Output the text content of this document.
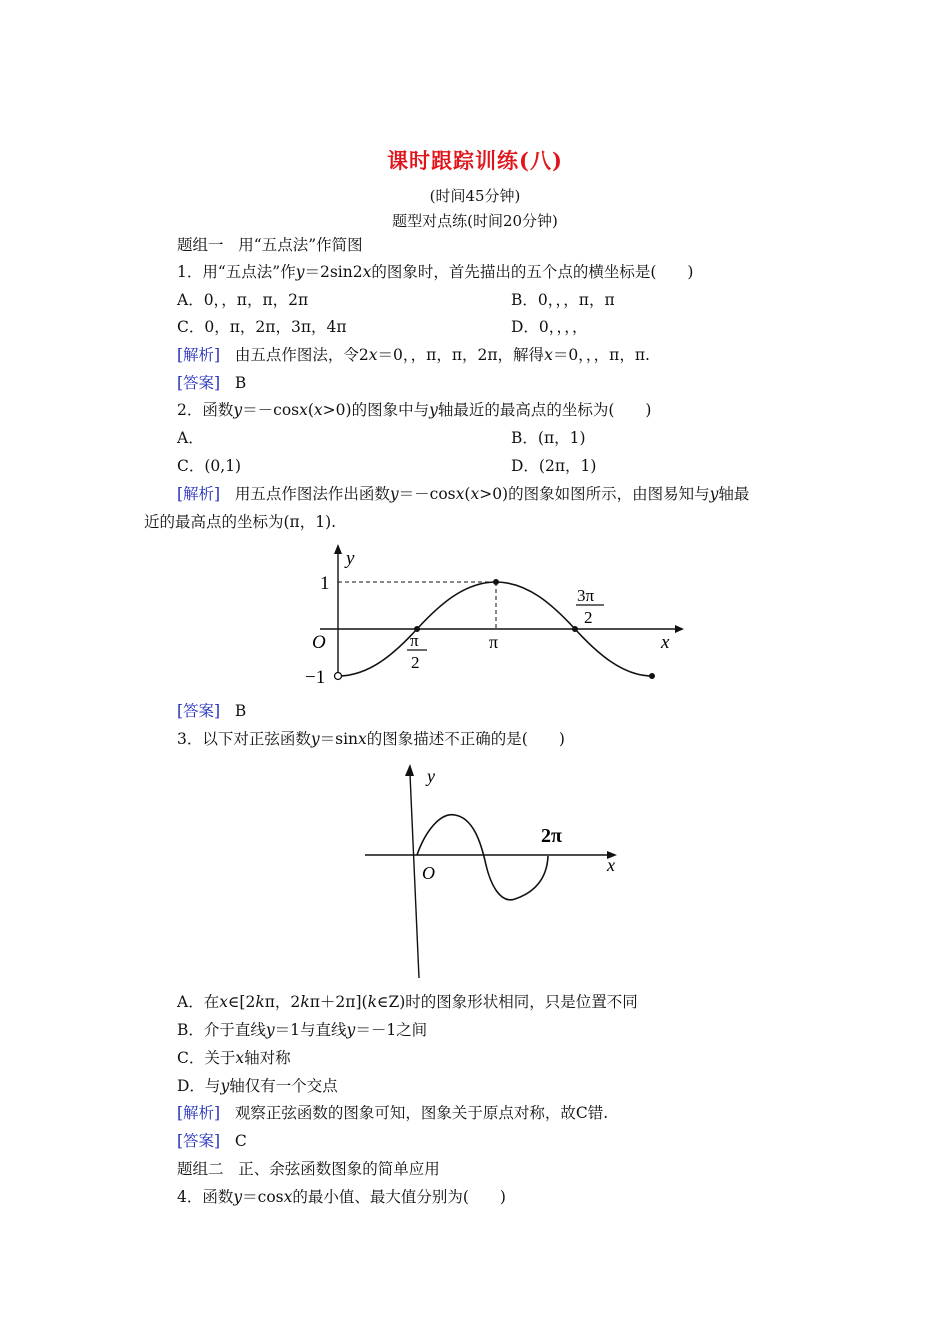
课时跟踪训练(八)
(时间45分钟)
题型对点练(时间20分钟)
题组一 用“五点法”作简图
1．用“五点法”作y＝2sin2x的图象时，首先描出的五个点的横坐标是(　　)
A．0，，π，π，2π	B．0，，，π，π
C．0，π，2π，3π，4π	D．0，，，，
[解析] 由五点作图法，令2x＝0，，π，π，2π，解得x＝0，，，π，π.
[答案] B
2．函数y＝－cosx(x>0)的图象中与y轴最近的最高点的坐标为(　　)
A．	B．(π，1)
C．(0,1)	D．(2π，1)
[解析] 用五点作图法作出函数y＝－cosx(x>0)的图象如图所示，由图易知与y轴最
近的最高点的坐标为(π，1).
y
x
O
1
−1
π
π
2
3π
2
[答案] B
3．以下对正弦函数y＝sinx的图象描述不正确的是(　　)
y
x
O
2π
A．在x∈[2kπ，2kπ＋2π](k∈Z)时的图象形状相同，只是位置不同
B．介于直线y＝1与直线y＝－1之间
C．关于x轴对称
D．与y轴仅有一个交点
[解析] 观察正弦函数的图象可知，图象关于原点对称，故C错.
[答案] C
题组二 正、余弦函数图象的简单应用
4．函数y＝cosx的最小值、最大值分别为(　　)
